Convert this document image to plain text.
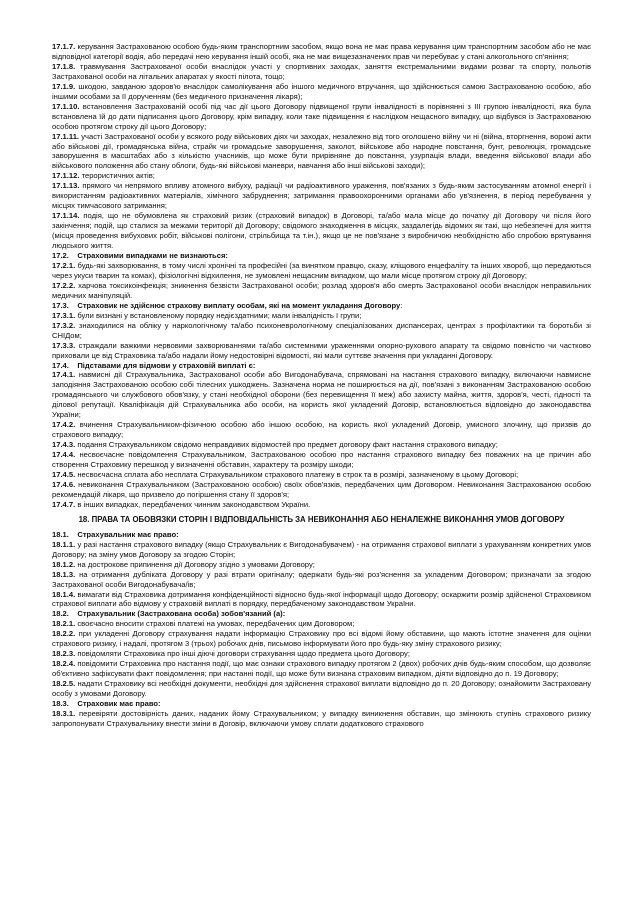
17.1.7. керування Застрахованою особою будь-яким транспортним засобом, якщо вона не має права керування цим транспортним засобом або не має відповідної категорії водія, або передачі нею керування іншій особі, яка не має вищезазначених прав чи перебуває у стані алкогольного сп'яніння;

17.1.8. травмування Застрахованої особи внаслідок участі у спортивних заходах, заняття екстремальними видами розваг та спорту, польотів Застрахованої особи на літальних апаратах у якості пілота, тощо;

17.1.9. шкодою, завданою здоров'ю внаслідок самолікування або іншого медичного втручання, що здійснюється самою Застрахованою особою, або іншими особами за її дорученням (без медичного призначення лікаря);

17.1.10. встановлення Застрахованій особі під час дії цього Договору підвищеної групи інвалідності в порівнянні з ІІІ групою інвалідності, яка була встановлена їй до дати підписання цього Договору, крім випадку, коли таке підвищення є наслідком нещасного випадку, що відбувся із Застрахованою особою протягом строку дії цього Договору;

17.1.11. участі Застрахованої особи у всякого роду військових діях чи заходах, незалежно від того оголошено війну чи ні (війна, вторгнення, ворожі акти або військові дії, громадянська війна, страйк чи громадське заворушення, заколот, військове або народне повстання, бунт, революція, громадське заворушення в масштабах або з кількістю учасників, що може бути прирівняне до повстання, узурпація влади, введення військової влади або військового положення або стану облоги, будь-які військові маневри, навчання або інші військові заходи);

17.1.12. терористичних актів;

17.1.13. прямого чи непрямого впливу атомного вибуху, радіації чи радіоактивного ураження, пов'язаних з будь-яким застосуванням атомної енергії і використанням радіоактивних матеріалів, хімічного забруднення; затримання правоохоронними органами або ув'язнення, в період перебування у місцях тимчасового затримання;

17.1.14. подія, що не обумовлена як страховий ризик (страховий випадок) в Договорі, та/або мала місце до початку дії Договору чи після його закінчення; подій, що сталися за межами території дії Договору; свідомого знаходження в місцях, заздалегідь відомих як такі, що небезпечні для життя (місця проведення вибухових робіт, військові полігони, стрільбища та т.ін.), якщо це не пов'язане з виробничою необхідністю або спробою врятування людського життя.

17.2. Страховими випадками не визнаються:

17.2.1. будь-які захворювання, в тому числі хронічні та професійні (за винятком правцю, сказу, кліщового енцефаліту та інших хвороб, що передаються через укуси тварин та комах), фізіологічні відхилення, не зумовлені нещасним випадком, що мали місце протягом строку дії Договору;

17.2.2. харчова токсикоінфекція; зникнення безвісти Застрахованої особи; розлад здоров'я або смерть Застрахованої особи внаслідок неправильних медичних маніпуляцій.

17.3. Страховик не здійснює страхову виплату особам, які на момент укладання Договору:

17.3.1. були визнані у встановленому порядку недієздатними; мали інвалідність І групи;

17.3.2. знаходилися на обліку у наркологічному та/або психоневрологічному спеціалізованих диспансерах, центрах з профілактики та боротьби зі СНІДом;

17.3.3. страждали важкими нервовими захворюваннями та/або системними ураженнями опорно-рухового апарату та свідомо повністю чи частково приховали це від Страховика та/або надали йому недостовірні відомості, які мали суттєве значення при укладанні Договору.

17.4. Підставами для відмови у страховій виплаті є:

17.4.1. навмисні дії Страхувальника, Застрахованої особи або Вигодонабувача, спрямовані на настання страхового випадку, включаючи навмисне заподіяння Застрахованою особою собі тілесних ушкоджень. Зазначена норма не поширюється на дії, пов'язані з виконанням Застрахованою особою громадянського чи службового обов'язку, у стані необхідної оборони (без перевищення її меж) або захисту майна, життя, здоров'я, честі, гідності та ділової репутації. Кваліфікація дій Страхувальника або особи, на користь якої укладений Договір, встановлюється відповідно до законодавства України;

17.4.2. вчинення Страхувальником-фізичною особою або іншою особою, на користь якої укладений Договір, умисного злочину, що призвів до страхового випадку;

17.4.3. подання Страхувальником свідомо неправдивих відомостей про предмет договору факт настання страхового випадку;

17.4.4. несвоєчасне повідомлення Страхувальником, Застрахованою особою про настання страхового випадку без поважних на це причин або створення Страховику перешкод у визначенні обставин, характеру та розміру шкоди;

17.4.5. несвоєчасна сплата або несплата Страхувальником страхового платежу в строк та в розмірі, зазначеному в цьому Договорі;

17.4.6. невиконання Страхувальником (Застрахованою особою) своїх обов'язків, передбачених цим Договором. Невиконання Застрахованою особою рекомендацій лікаря, що призвело до погіршення стану її здоров'я;

17.4.7. в інших випадках, передбачених чинним законодавством України.

18. ПРАВА ТА ОБОВЯЗКИ СТОРІН І ВІДПОВІДАЛЬНІСТЬ ЗА НЕВИКОНАННЯ АБО НЕНАЛЕЖНЕ ВИКОНАННЯ УМОВ ДОГОВОРУ

18.1. Страхувальник має право:

18.1.1. у разі настання страхового випадку (якщо Страхувальник є Вигодонабувачем) - на отримання страхової виплати з урахуванням конкретних умов Договору; на зміну умов Договору за згодою Сторін;

18.1.2. на дострокове припинення дії Договору згідно з умовами Договору;

18.1.3. на отримання дубліката Договору у разі втрати оригіналу; одержати будь-які роз'яснення за укладеним Договором; призначати за згодою Застрахованої особи Вигодонабувача/ів;

18.1.4. вимагати від Страховика дотримання конфіденційності відносно будь-якої інформації щодо Договору; оскаржити розмір здійсненої Страховиком страхової виплати або відмову у страховій виплаті в порядку, передбаченому законодавством України.

18.2. Страхувальник (Застрахована особа) зобов'язаний (а):

18.2.1. своєчасно вносити страхові платежі на умовах, передбачених цим Договором;

18.2.2. при укладенні Договору страхування надати інформацію Страховику про всі відомі йому обставини, що мають істотне значення для оцінки страхового ризику, і надалі, протягом 3 (трьох) робочих днів, письмово інформувати його про будь-яку зміну страхового ризику;

18.2.3. повідомляти Страховика про інші діючі договори страхування щодо предмета цього Договору;

18.2.4. повідомити Страховика про настання події, що має ознаки страхового випадку протягом 2 (двох) робочих днів будь-яким способом, що дозволяє об'єктивно зафіксувати факт повідомлення; при настанні події, що може бути визнана страховим випадком, діяти відповідно до п. 19 Договору;

18.2.5. надати Страховику всі необхідні документи, необхідні для здійснення страхової виплати відповідно до п. 20 Договору; ознайомити Застраховану особу з умовами Договору.

18.3. Страховик має право:

18.3.1. перевіряти достовірність даних, наданих йому Страхувальником; у випадку виникнення обставин, що змінюють ступінь страхового ризику запропонувати Страхувальнику внести зміни в Договір, включаючи умову сплати додаткового страхового
